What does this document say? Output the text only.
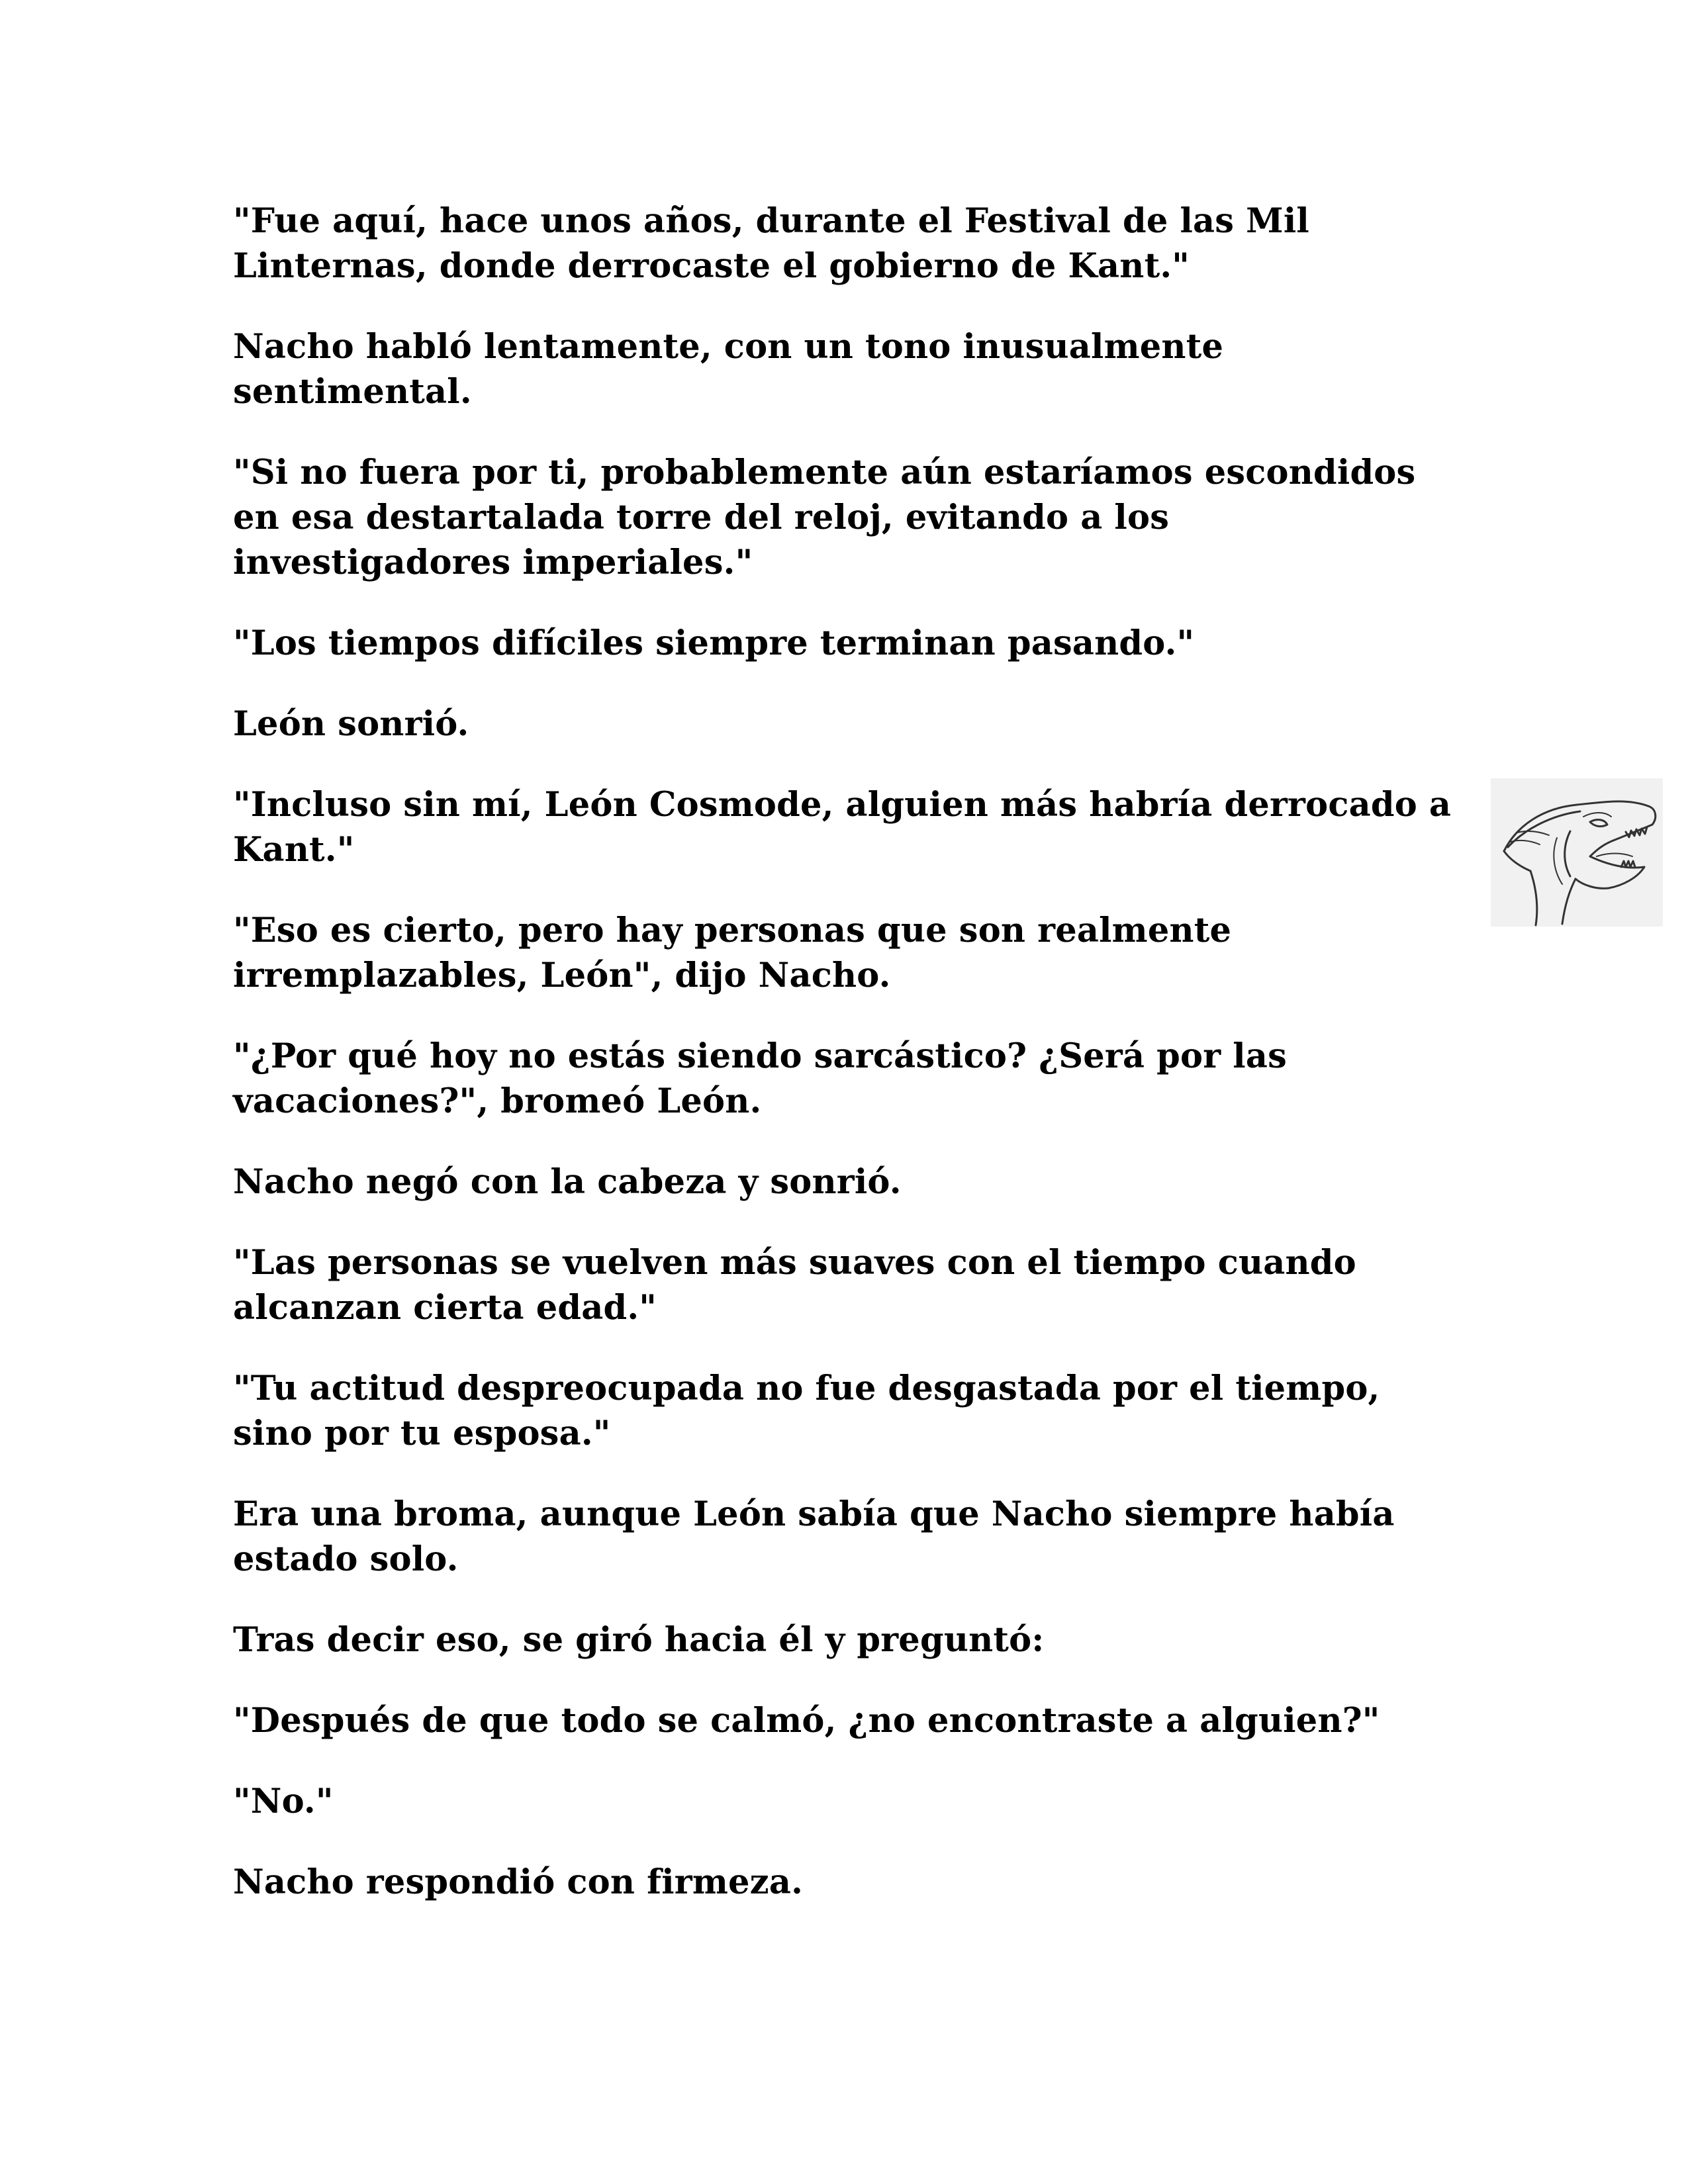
"Fue aquí, hace unos años, durante el Festival de las Mil Linternas, donde derrocaste el gobierno de Kant."

Nacho habló lentamente, con un tono inusualmente sentimental.

"Si no fuera por ti, probablemente aún estaríamos escondidos en esa destartalada torre del reloj, evitando a los investigadores imperiales."

"Los tiempos difíciles siempre terminan pasando."

León sonrió.

"Incluso sin mí, León Cosmode, alguien más habría derrocado a Kant."

"Eso es cierto, pero hay personas que son realmente irremplazables, León", dijo Nacho.

"¿Por qué hoy no estás siendo sarcástico? ¿Será por las vacaciones?", bromeó León.

Nacho negó con la cabeza y sonrió.

"Las personas se vuelven más suaves con el tiempo cuando alcanzan cierta edad."

"Tu actitud despreocupada no fue desgastada por el tiempo, sino por tu esposa."

Era una broma, aunque León sabía que Nacho siempre había estado solo.

Tras decir eso, se giró hacia él y preguntó:

"Después de que todo se calmó, ¿no encontraste a alguien?"

"No."

Nacho respondió con firmeza.
